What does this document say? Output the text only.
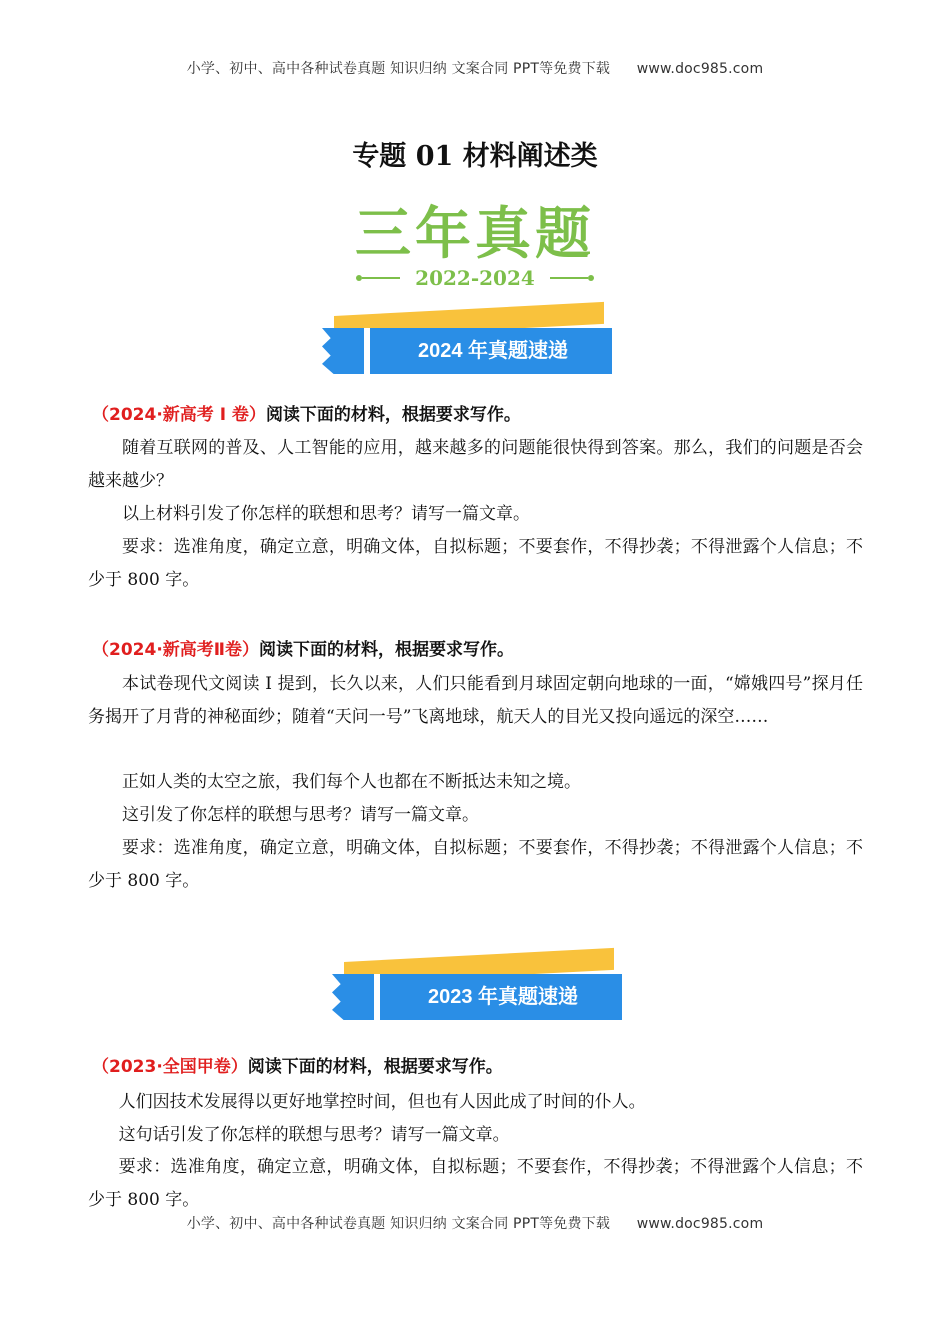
小学、初中、高中各种试卷真题 知识归纳 文案合同 PPT等免费下载 www.doc985.com
专题 01 材料阐述类
三年真题
2022-2024
2024 年真题速递
（2024·新高考 I 卷）阅读下面的材料，根据要求写作。

随着互联网的普及、人工智能的应用，越来越多的问题能很快得到答案。那么，我们的问题是否会越来越少？

以上材料引发了你怎样的联想和思考？请写一篇文章。

要求：选准角度，确定立意，明确文体，自拟标题；不要套作，不得抄袭；不得泄露个人信息；不少于 800 字。

（2024·新高考Ⅱ卷）阅读下面的材料，根据要求写作。

本试卷现代文阅读 I 提到，长久以来，人们只能看到月球固定朝向地球的一面，“嫦娥四号”探月任务揭开了月背的神秘面纱；随着“天问一号”飞离地球，航天人的目光又投向遥远的深空……

正如人类的太空之旅，我们每个人也都在不断抵达未知之境。

这引发了你怎样的联想与思考？请写一篇文章。

要求：选准角度，确定立意，明确文体，自拟标题；不要套作，不得抄袭；不得泄露个人信息；不少于 800 字。

2023 年真题速递
（2023·全国甲卷）阅读下面的材料，根据要求写作。

人们因技术发展得以更好地掌控时间，但也有人因此成了时间的仆人。

这句话引发了你怎样的联想与思考？请写一篇文章。

要求：选准角度，确定立意，明确文体，自拟标题；不要套作，不得抄袭；不得泄露个人信息；不少于 800 字。

小学、初中、高中各种试卷真题 知识归纳 文案合同 PPT等免费下载 www.doc985.com
